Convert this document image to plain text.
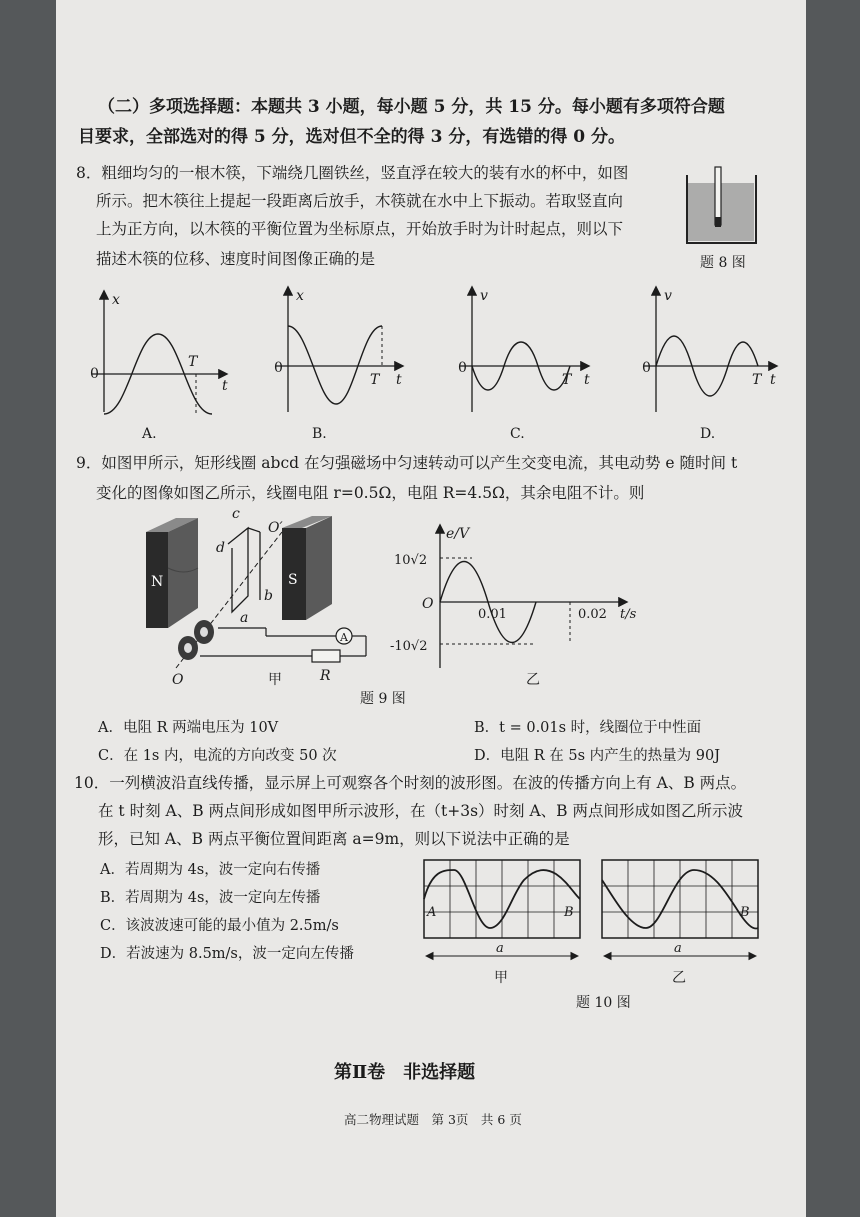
（二）多项选择题：本题共 3 小题，每小题 5 分，共 15 分。每小题有多项符合题
目要求，全部选对的得 5 分，选对但不全的得 3 分，有选错的得 0 分。
8．粗细均匀的一根木筷，下端绕几圈铁丝，竖直浮在较大的装有水的杯中，如图
所示。把木筷往上提起一段距离后放手，木筷就在水中上下振动。若取竖直向
上为正方向，以木筷的平衡位置为坐标原点，开始放手时为计时起点，则以下
描述木筷的位移、速度时间图像正确的是	题 8 图
x
0
T
t
A.
x
0
T t
B.
v
0
T t
C.
v
0
T t
D.
9．如图甲所示，矩形线圈 abcd 在匀强磁场中匀速转动可以产生交变电流，其电动势 e 随时间 t
变化的图像如图乙所示，线圈电阻 r=0.5Ω，电阻 R=4.5Ω，其余电阻不计。则
N	S
A
c
d
b
a
O′
O	R
甲
e/V
10√2
-10√2
O
0.01	0.02 t/s
乙
题 9 图
A．电阻 R 两端电压为 10V	B．t = 0.01s 时，线圈位于中性面
C．在 1s 内，电流的方向改变 50 次	D．电阻 R 在 5s 内产生的热量为 90J
10．一列横波沿直线传播，显示屏上可观察各个时刻的波形图。在波的传播方向上有 A、B 两点。
在 t 时刻 A、B 两点间形成如图甲所示波形，在（t+3s）时刻 A、B 两点间形成如图乙所示波
形，已知 A、B 两点平衡位置间距离 a=9m，则以下说法中正确的是
A．若周期为 4s，波一定向右传播
B．若周期为 4s，波一定向左传播
C．该波波速可能的最小值为 2.5m/s
D．若波速为 8.5m/s，波一定向左传播
A	B
a
甲
B
a
乙
题 10 图
第Ⅱ卷　非选择题
高二物理试题　第 3页　共 6 页
